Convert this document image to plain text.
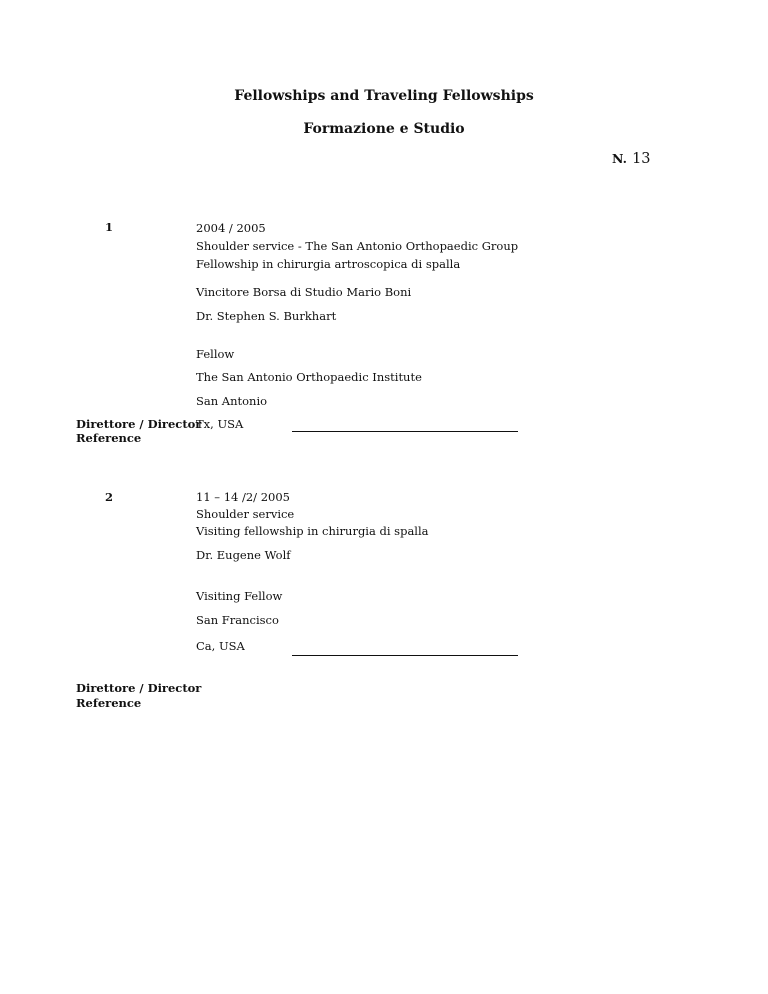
Fellowships and Traveling Fellowships
Formazione e Studio
N. 13
1	2004 / 2005
Shoulder service - The San Antonio Orthopaedic Group
Fellowship in chirurgia artroscopica di spalla
Vincitore Borsa di Studio Mario Boni
Dr. Stephen S. Burkhart
Fellow
The San Antonio Orthopaedic Institute
San Antonio
Direttore / Director
Tx, USA
Reference
2	11 – 14 /2/ 2005
Shoulder service
Visiting fellowship in chirurgia di spalla
Dr. Eugene Wolf
Visiting Fellow
San Francisco
Ca, USA
Direttore / Director
Reference
